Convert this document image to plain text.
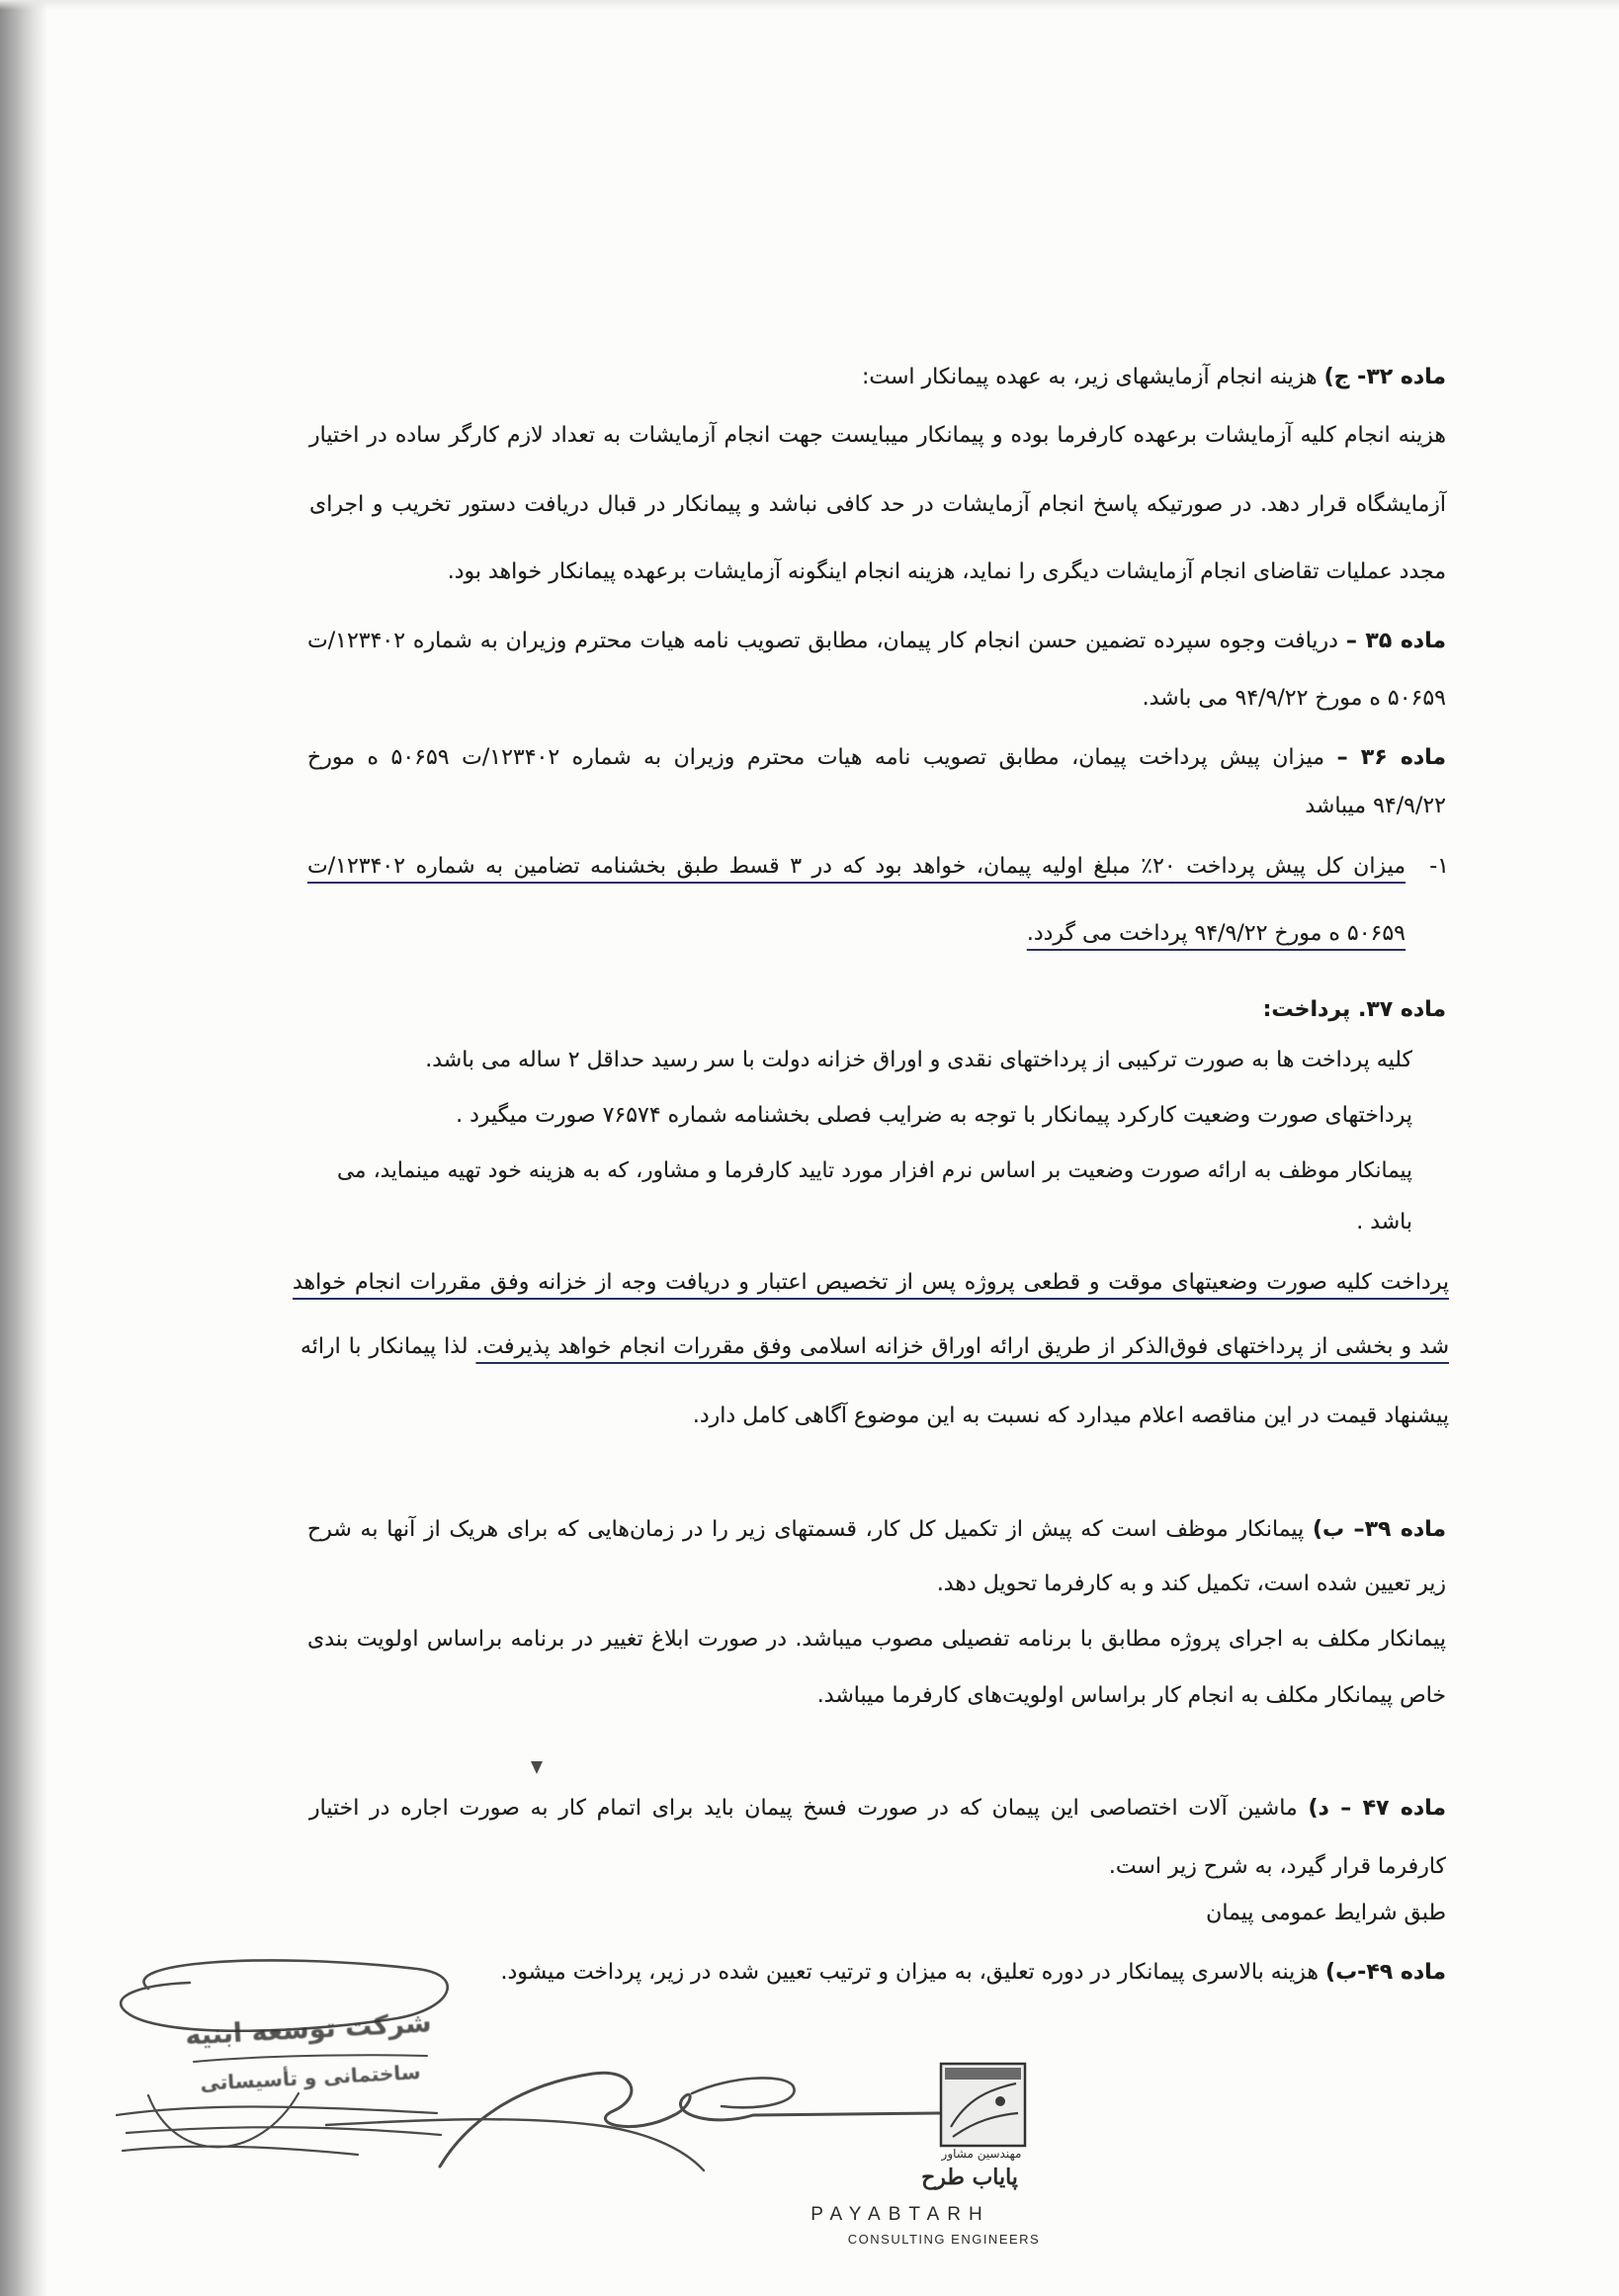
ماده ۳۲- ج) هزینه انجام آزمایشهای زیر، به عهده پیمانکار است:
هزینه انجام کلیه آزمایشات برعهده کارفرما بوده و پیمانکار میبایست جهت انجام آزمایشات به تعداد لازم کارگر ساده در اختیار
آزمایشگاه قرار دهد. در صورتیکه پاسخ انجام آزمایشات در حد کافی نباشد و پیمانکار در قبال دریافت دستور تخریب و اجرای
مجدد عملیات تقاضای انجام آزمایشات دیگری را نماید، هزینه انجام اینگونه آزمایشات برعهده پیمانکار خواهد بود.
ماده ۳۵ – دریافت وجوه سپرده تضمین حسن انجام کار پیمان، مطابق تصویب نامه هیات محترم وزیران به شماره ۱۲۳۴۰۲/ت
۵۰۶۵۹ ه مورخ ۹۴/۹/۲۲ می باشد.
ماده ۳۶ – میزان پیش پرداخت پیمان، مطابق تصویب نامه هیات محترم وزیران به شماره ۱۲۳۴۰۲/ت ۵۰۶۵۹ ه مورخ
۹۴/۹/۲۲ میباشد
۱-
میزان کل پیش پرداخت ۲۰٪ مبلغ اولیه پیمان، خواهد بود که در ۳ قسط طبق بخشنامه تضامین به شماره ۱۲۳۴۰۲/ت
۵۰۶۵۹ ه مورخ ۹۴/۹/۲۲ پرداخت می گردد.
ماده ۳۷. پرداخت:
کلیه پرداخت ها به صورت ترکیبی از پرداختهای نقدی و اوراق خزانه دولت با سر رسید حداقل ۲ ساله می باشد.
پرداختهای صورت وضعیت کارکرد پیمانکار با توجه به ضرایب فصلی بخشنامه شماره ۷۶۵۷۴ صورت میگیرد .
پیمانکار موظف به ارائه صورت وضعیت بر اساس نرم افزار مورد تایید کارفرما و مشاور، که به هزینه خود تهیه مینماید، می
باشد .
پرداخت کلیه صورت وضعیتهای موقت و قطعی پروژه پس از تخصیص اعتبار و دریافت وجه از خزانه وفق مقررات انجام خواهد
شد و بخشی از پرداختهای فوق‌الذکر از طریق ارائه اوراق خزانه اسلامی وفق مقررات انجام خواهد پذیرفت. لذا پیمانکار با ارائه
پیشنهاد قیمت در این مناقصه اعلام میدارد که نسبت به این موضوع آگاهی کامل دارد.
ماده ۳۹– ب) پیمانکار موظف است که پیش از تکمیل کل کار، قسمتهای زیر را در زمان‌هایی که برای هریک از آنها به شرح
زیر تعیین شده است، تکمیل کند و به کارفرما تحویل دهد.
پیمانکار مکلف به اجرای پروژه مطابق با برنامه تفصیلی مصوب میباشد. در صورت ابلاغ تغییر در برنامه براساس اولویت بندی
خاص پیمانکار مکلف به انجام کار براساس اولویت‌های کارفرما میباشد.
ماده ۴۷ – د) ماشین آلات اختصاصی این پیمان که در صورت فسخ پیمان باید برای اتمام کار به صورت اجاره در اختیار
کارفرما قرار گیرد، به شرح زیر است.
طبق شرایط عمومی پیمان
ماده ۴۹-ب) هزینه بالاسری پیمانکار در دوره تعلیق، به میزان و ترتیب تعیین شده در زیر، پرداخت میشود.
شرکت توسعه ابنیه
ساختمانی و تأسیساتی
مهندسین مشاور
پایاب طرح
PAYABTARH
CONSULTING ENGINEERS
